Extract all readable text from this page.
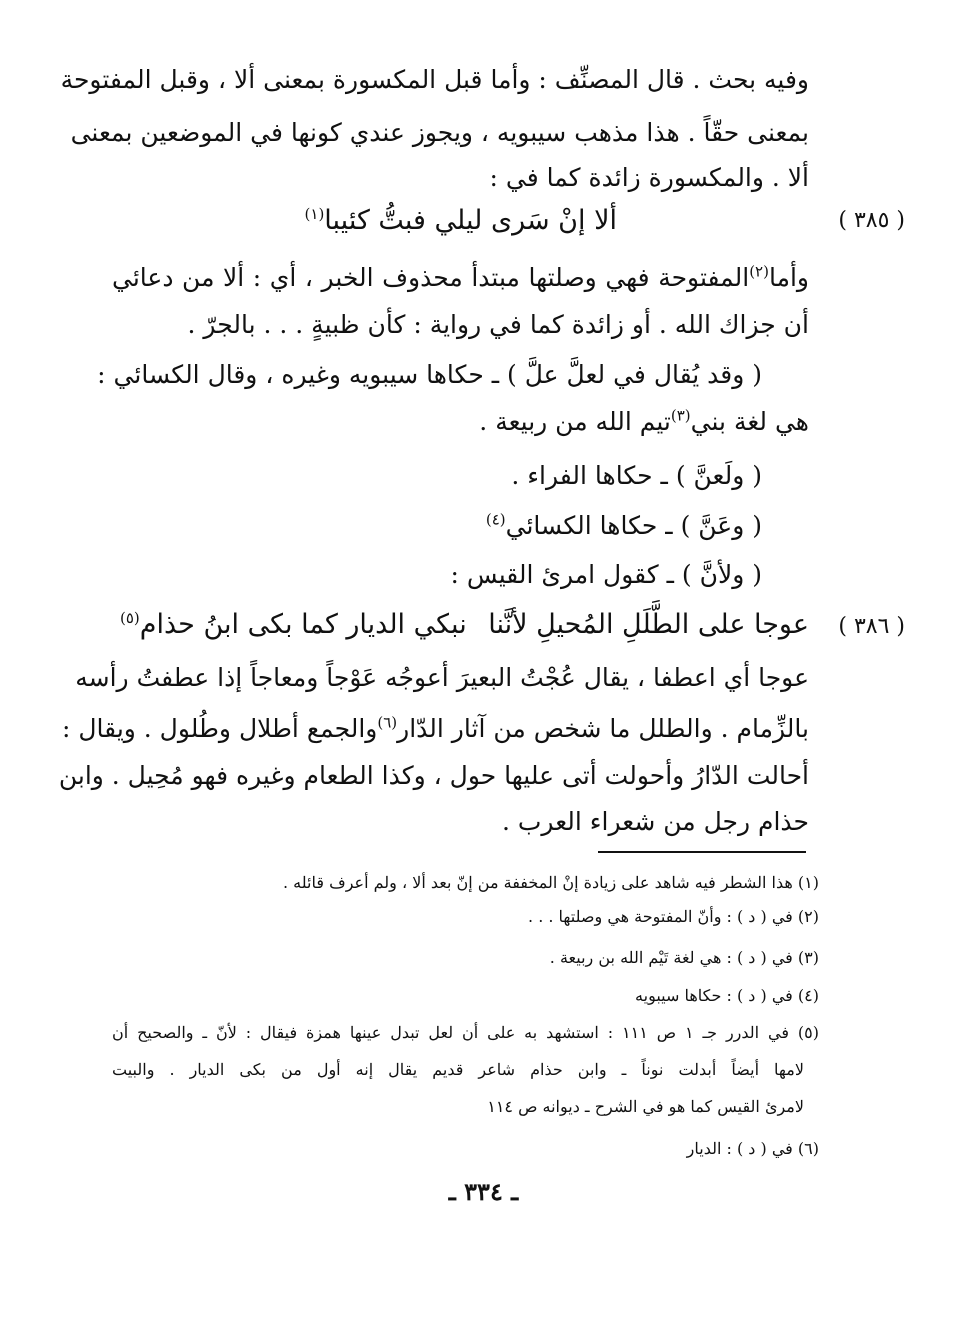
وفيه بحث . قال المصنِّف : وأما قبل المكسورة بمعنى ألا ، وقبل المفتوحة

بمعنى حقّاً . هذا مذهب سيبويه ، ويجوز عندي كونها في الموضعين بمعنى

ألا . والمكسورة زائدة كما في :

( ٣٨٥ )
ألا إنْ سَرى ليلي فبتُّ كئيبا$^{(١)}$

وأما$^{(٢)}$المفتوحة فهي وصلتها مبتدأ محذوف الخبر ، أي : ألا من دعائي

أن جزاك الله . أو زائدة كما في رواية : كأن ظبيةٍ . . . بالجرّ .

( وقد يُقال في لعلَّ علَّ ) ـ حكاها سيبويه وغيره ، وقال الكسائي :

هي لغة بني$^{(٣)}$تيم الله من ربيعة .

( ولَعنَّ ) ـ حكاها الفراء .

( وعَنَّ ) ـ حكاها الكسائي$^{(٤)}$

( ولأنَّ ) ـ كقول امرئ القيس :

( ٣٨٦ )
عوجا على الطَّلَلِ المُحيلِ لأنَّنا
نبكي الديار كما بكى ابنُ حذام$^{(٥)}$

عوجا أي اعطفا ، يقال عُجْتُ البعيرَ أعوجُه عَوْجاً ومعاجاً إذا عطفتُ رأسه

بالزِّمام . والطلل ما شخص من آثار الدّار$^{(٦)}$والجمع أطلال وطُلول . ويقال :

أحالت الدّارُ وأحولت أتى عليها حول ، وكذا الطعام وغيره فهو مُحِيل . وابن

حذام رجل من شعراء العرب .

(١) هذا الشطر فيه شاهد على زيادة إنْ المخففة من إنّ بعد ألا ، ولم أعرف قائله .

(٢) في ( د ) : وأنّ المفتوحة هي وصلتها . . .

(٣) في ( د ) : هي لغة تَيْم الله بن ربيعة .

(٤) في ( د ) : حكاها سيبويه

(٥) في الدرر جـ ١ ص ١١١ : استشهد به على أن لعل تبدل عينها همزة فيقال : لأنّ ـ والصحيح أن

لامها أيضاً أبدلت نوناً ـ وابن حذام شاعر قديم يقال إنه أول من بكى الديار . والبيت

لامرئ القيس كما هو في الشرح ـ ديوانه ص ١١٤

(٦) في ( د ) : الديار

ـ ٣٣٤ ـ
